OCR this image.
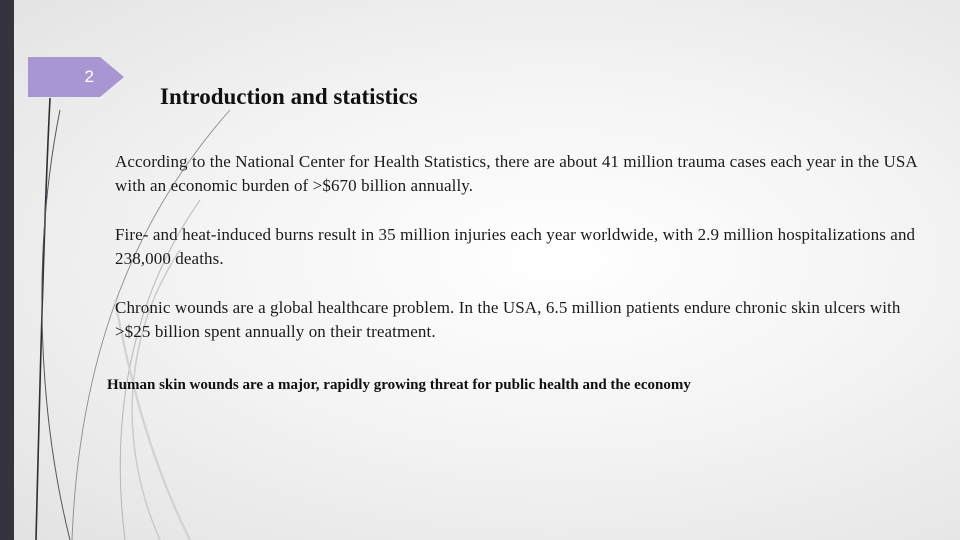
2
Introduction and statistics

According to the National Center for Health Statistics, there are about 41 million trauma cases each year in the USA with an economic burden of >$670 billion annually.

Fire- and heat-induced burns result in 35 million injuries each year worldwide, with 2.9 million hospitalizations and 238,000 deaths.

Chronic wounds are a global healthcare problem. In the USA, 6.5 million patients endure chronic skin ulcers with >$25 billion spent annually on their treatment.

Human skin wounds are a major, rapidly growing threat for public health and the economy
